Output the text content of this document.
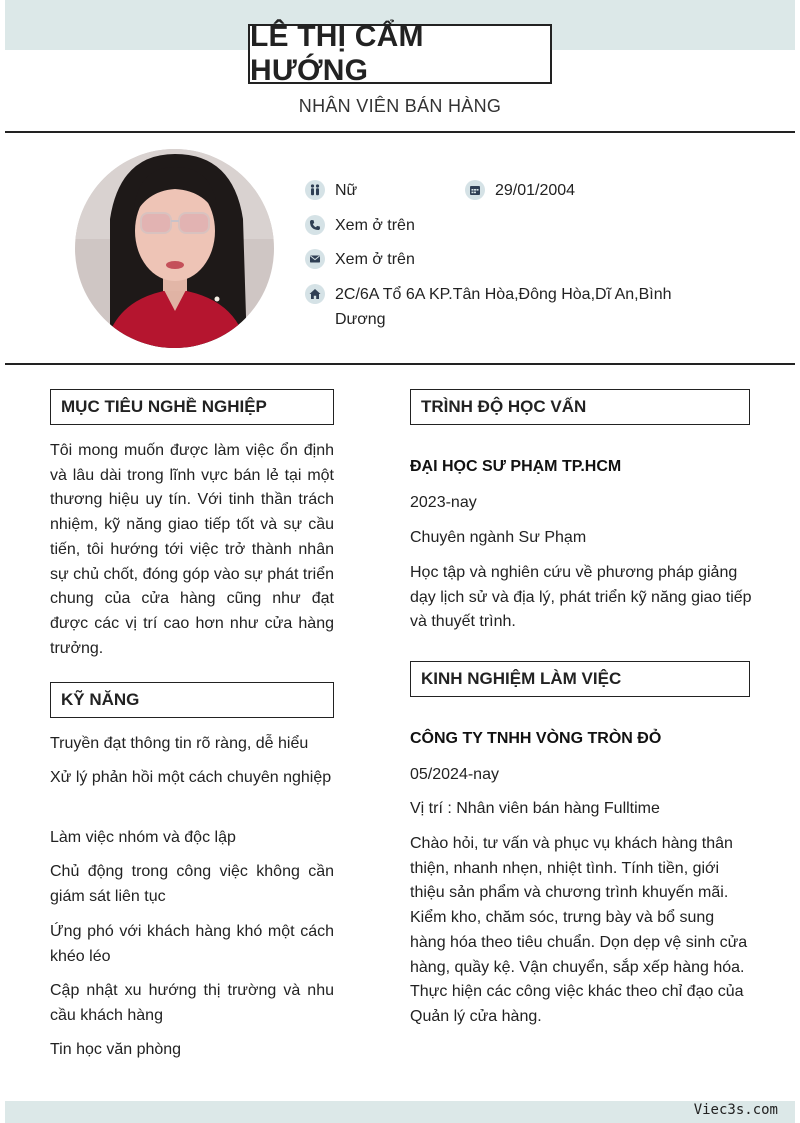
LÊ THỊ CẨM HƯỚNG
NHÂN VIÊN BÁN HÀNG
Nữ	29/01/2004
Xem ở trên
Xem ở trên
2C/6A Tổ 6A KP.Tân Hòa,Đông Hòa,Dĩ An,Bình Dương
MỤC TIÊU NGHỀ NGHIỆP
Tôi mong muốn được làm việc ổn định và lâu dài trong lĩnh vực bán lẻ tại một thương hiệu uy tín. Với tinh thần trách nhiệm, kỹ năng giao tiếp tốt và sự cầu tiến, tôi hướng tới việc trở thành nhân sự chủ chốt, đóng góp vào sự phát triển chung của cửa hàng cũng như đạt được các vị trí cao hơn như cửa hàng trưởng.
KỸ NĂNG
Truyền đạt thông tin rõ ràng, dễ hiểu
Xử lý phản hồi một cách chuyên nghiệp
Làm việc nhóm và độc lập
Chủ động trong công việc không cần giám sát liên tục
Ứng phó với khách hàng khó một cách khéo léo
Cập nhật xu hướng thị trường và nhu cầu khách hàng
Tin học văn phòng
TRÌNH ĐỘ HỌC VẤN
ĐẠI HỌC SƯ PHẠM TP.HCM
2023-nay
Chuyên ngành Sư Phạm
Học tập và nghiên cứu về phương pháp giảng dạy lịch sử và địa lý, phát triển kỹ năng giao tiếp và thuyết trình.
KINH NGHIỆM LÀM VIỆC
CÔNG TY TNHH VÒNG TRÒN ĐỎ
05/2024-nay
Vị trí : Nhân viên bán hàng Fulltime
Chào hỏi, tư vấn và phục vụ khách hàng thân thiện, nhanh nhẹn, nhiệt tình. Tính tiền, giới thiệu sản phẩm và chương trình khuyến mãi. Kiểm kho, chăm sóc, trưng bày và bổ sung hàng hóa theo tiêu chuẩn. Dọn dẹp vệ sinh cửa hàng, quầy kệ. Vận chuyển, sắp xếp hàng hóa. Thực hiện các công việc khác theo chỉ đạo của Quản lý cửa hàng.
Viec3s.com
